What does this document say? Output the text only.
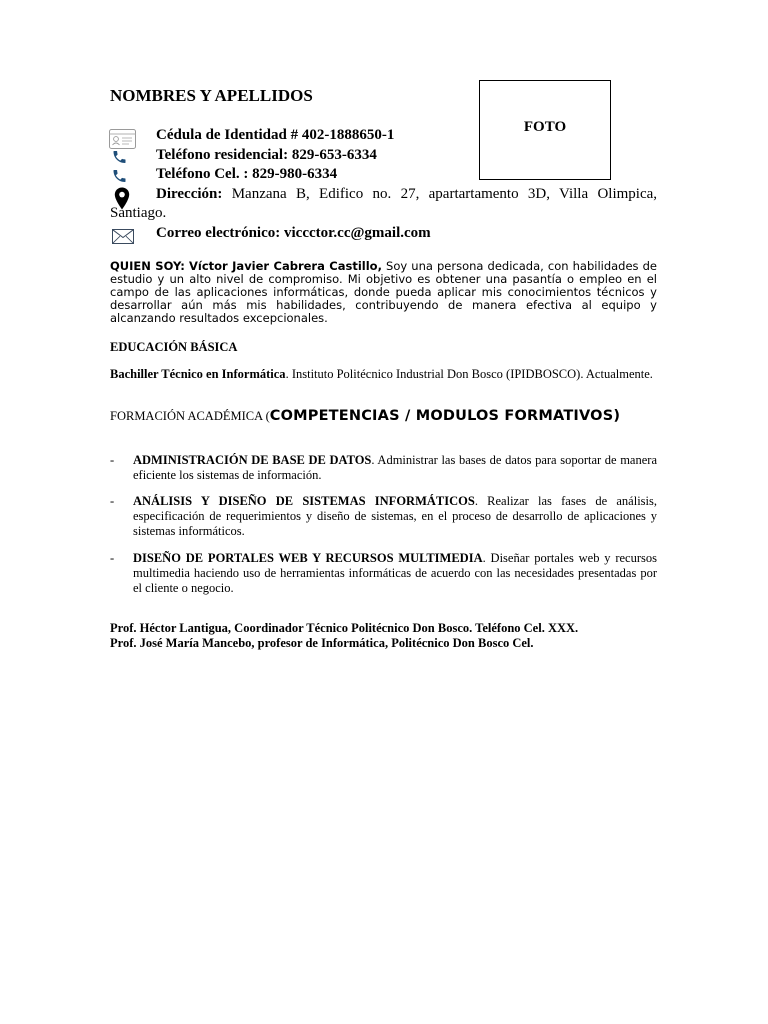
NOMBRES Y APELLIDOS
FOTO
Cédula de Identidad # 402-1888650-1
Teléfono residencial: 829-653-6334
Teléfono Cel. : 829-980-6334
Dirección: Manzana B, Edifico no. 27, apartartamento 3D, Villa Olimpica, Santiago.
Correo electrónico: viccctor.cc@gmail.com
QUIEN SOY: Víctor Javier Cabrera Castillo, Soy una persona dedicada, con habilidades de estudio y un alto nivel de compromiso. Mi objetivo es obtener una pasantía o empleo en el campo de las aplicaciones informáticas, donde pueda aplicar mis conocimientos técnicos y desarrollar aún más mis habilidades, contribuyendo de manera efectiva al equipo y alcanzando resultados excepcionales.
EDUCACIÓN BÁSICA
Bachiller Técnico en Informática. Instituto Politécnico Industrial Don Bosco (IPIDBOSCO). Actualmente.
FORMACIÓN ACADÉMICA (COMPETENCIAS / MODULOS FORMATIVOS)
- ADMINISTRACIÓN DE BASE DE DATOS. Administrar las bases de datos para soportar de manera eficiente los sistemas de información.
- ANÁLISIS Y DISEÑO DE SISTEMAS INFORMÁTICOS. Realizar las fases de análisis, especificación de requerimientos y diseño de sistemas, en el proceso de desarrollo de aplicaciones y sistemas informáticos.
- DISEÑO DE PORTALES WEB Y RECURSOS MULTIMEDIA. Diseñar portales web y recursos multimedia haciendo uso de herramientas informáticas de acuerdo con las necesidades presentadas por el cliente o negocio.
Prof. Héctor Lantigua, Coordinador Técnico Politécnico Don Bosco. Teléfono Cel. XXX.
Prof. José María Mancebo, profesor de Informática, Politécnico Don Bosco Cel.
